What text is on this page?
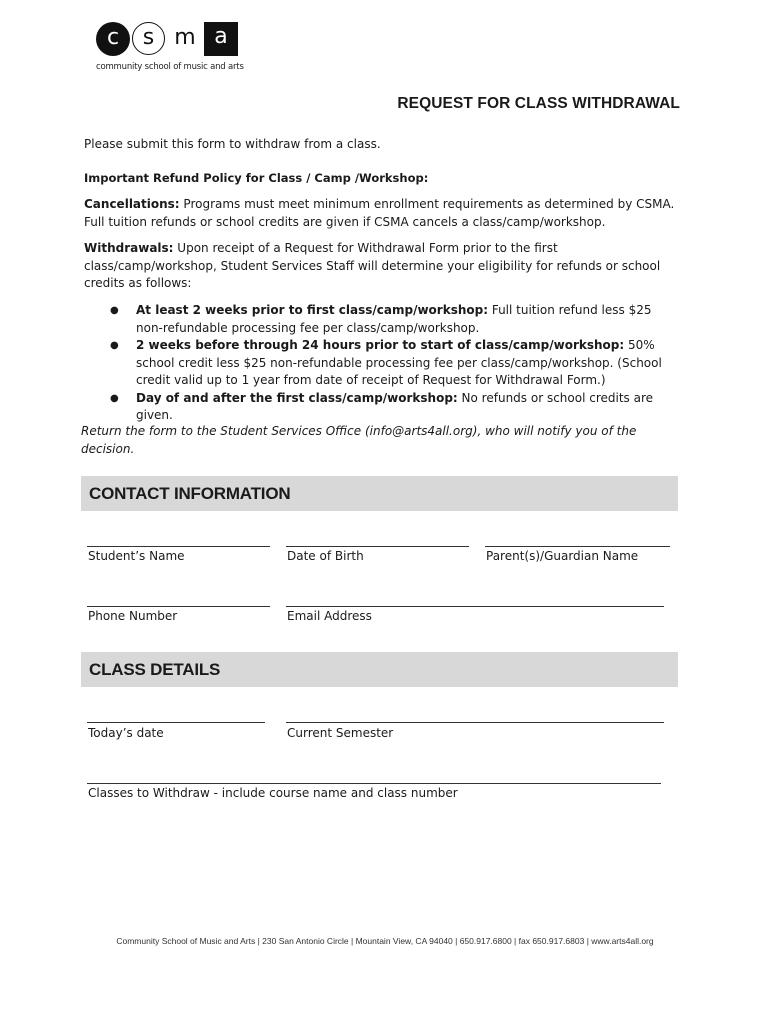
c	s m a
community school of music and arts
REQUEST FOR CLASS WITHDRAWAL
Please submit this form to withdraw from a class.
Important Refund Policy for Class / Camp /Workshop:
Cancellations: Programs must meet minimum enrollment requirements as determined by CSMA. Full tuition refunds or school credits are given if CSMA cancels a class/camp/workshop.
Withdrawals: Upon receipt of a Request for Withdrawal Form prior to the first class/camp/workshop, Student Services Staff will determine your eligibility for refunds or school credits as follows:
● At least 2 weeks prior to first class/camp/workshop: Full tuition refund less $25 non-refundable processing fee per class/camp/workshop.
● 2 weeks before through 24 hours prior to start of class/camp/workshop: 50% school credit less $25 non-refundable processing fee per class/camp/workshop. (School credit valid up to 1 year from date of receipt of Request for Withdrawal Form.)
● Day of and after the first class/camp/workshop: No refunds or school credits are given.
Return the form to the Student Services Office (info@arts4all.org), who will notify you of the decision.
CONTACT INFORMATION
Student’s Name	Date of Birth	Parent(s)/Guardian Name
Phone Number	Email Address
CLASS DETAILS
Today’s date	Current Semester
Classes to Withdraw - include course name and class number
Community School of Music and Arts | 230 San Antonio Circle | Mountain View, CA 94040 | 650.917.6800 | fax 650.917.6803 | www.arts4all.org
